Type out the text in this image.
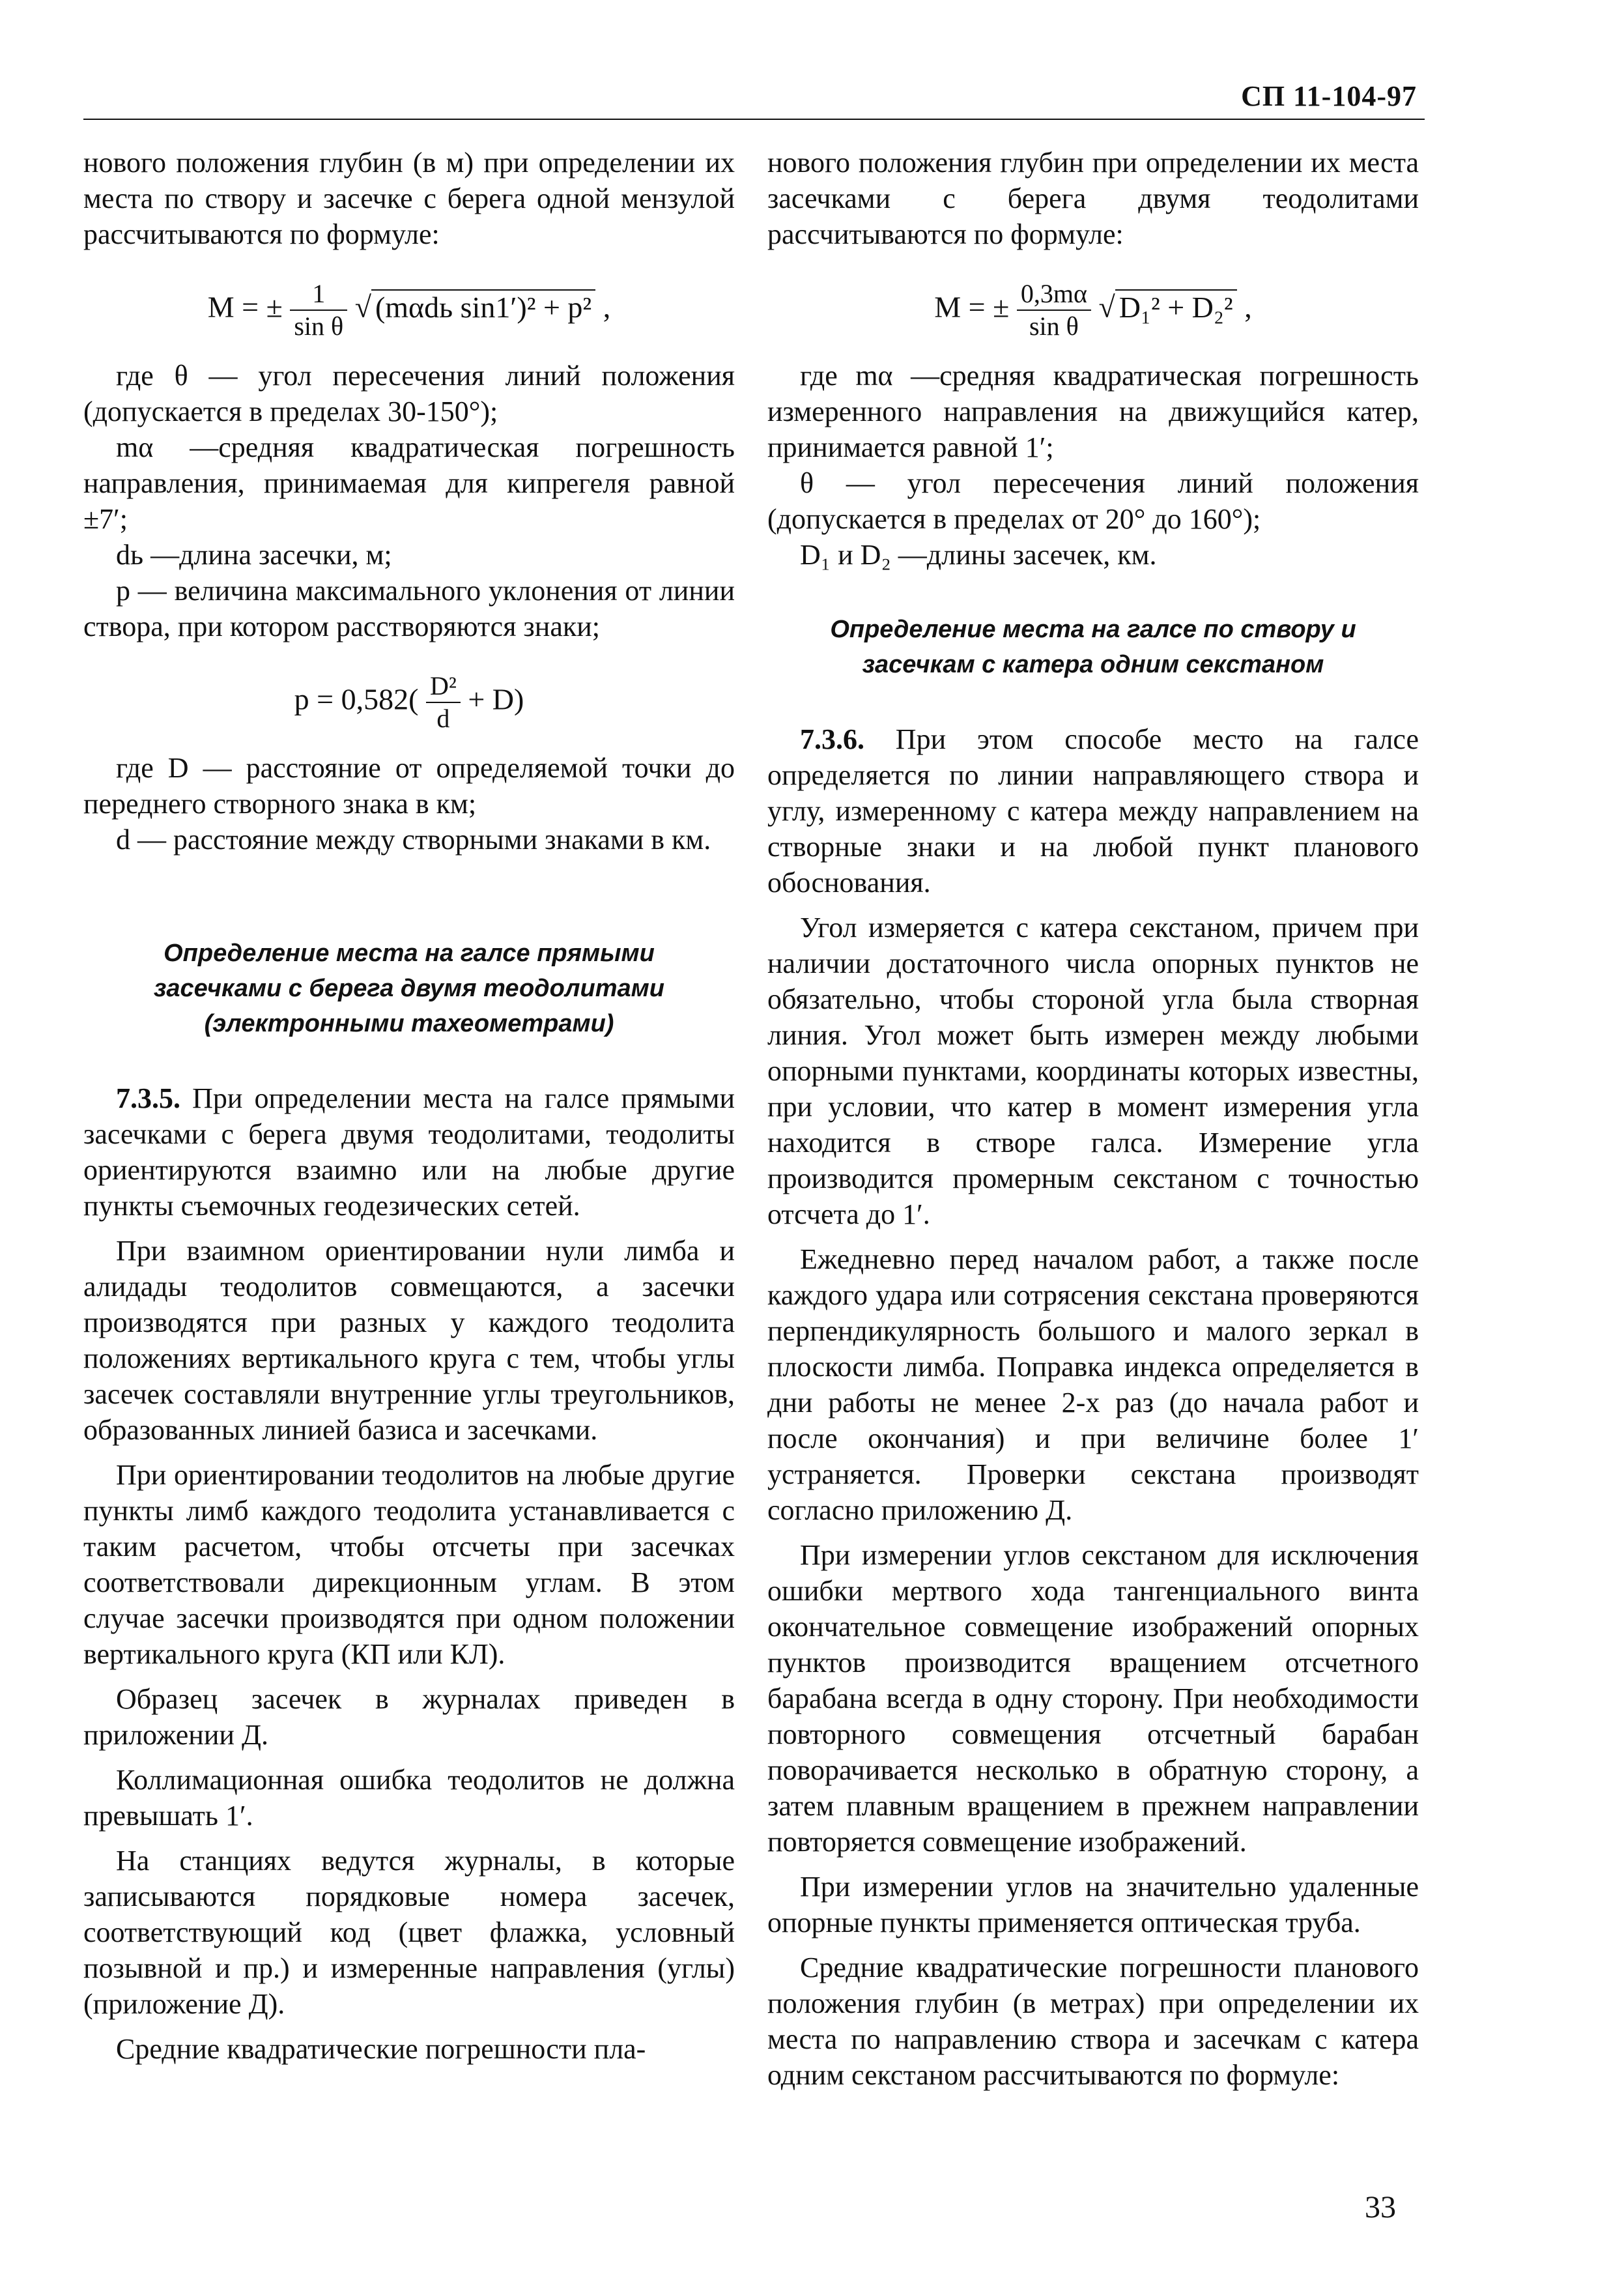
СП 11-104-97

нового положения глубин (в м) при определении их места по створу и засечке с берега одной мензулой рассчитываются по формуле:

М = ± $\frac{1}{\text{sin θ}}$ √ (mαdь sin1′)² + p² ,

где θ — угол пересечения линий положения (допускается в пределах 30-150°);

mα —средняя квадратическая погрешность направления, принимаемая для кипрегеля равной ±7′;

dь —длина засечки, м;

p — величина максимального уклонения от линии створа, при котором расстворяются знаки;

$p = 0,582( \frac{\text{D²}}{d} + D)$

где D — расстояние от определяемой точки до переднего створного знака в км;

d — расстояние между створными знаками в км.

Определение места на галсе прямыми засечками с берега двумя теодолитами (электронными тахеометрами)

7.3.5. При определении места на галсе прямыми засечками с берега двумя теодолитами, теодолиты ориентируются взаимно или на любые другие пункты съемочных геодезических сетей.

При взаимном ориентировании нули лимба и алидады теодолитов совмещаются, а засечки производятся при разных у каждого теодолита положениях вертикального круга с тем, чтобы углы засечек составляли внутренние углы треугольников, образованных линией базиса и засечками.

При ориентировании теодолитов на любые другие пункты лимб каждого теодолита устанавливается с таким расчетом, чтобы отсчеты при засечках соответствовали дирекционным углам. В этом случае засечки производятся при одном положении вертикального круга (КП или КЛ).

Образец засечек в журналах приведен в приложении Д.

Коллимационная ошибка теодолитов не должна превышать 1′.

На станциях ведутся журналы, в которые записываются порядковые номера засечек, соответствующий код (цвет флажка, условный позывной и пр.) и измеренные направления (углы) (приложение Д).

Средние квадратические погрешности пла-

нового положения глубин при определении их места засечками с берега двумя теодолитами рассчитываются по формуле:

М = ± $\frac{0,3m\alpha}{\text{sin θ}}$ √ D₁² + D₂² ,

где mα —средняя квадратическая погрешность измеренного направления на движущийся катер, принимается равной 1′;

θ — угол пересечения линий положения (допускается в пределах от 20° до 160°);

D₁ и D₂ —длины засечек, км.

Определение места на галсе по створу и засечкам с катера одним секстаном

7.3.6. При этом способе место на галсе определяется по линии направляющего створа и углу, измеренному с катера между направлением на створные знаки и на любой пункт планового обоснования.

Угол измеряется с катера секстаном, причем при наличии достаточного числа опорных пунктов не обязательно, чтобы стороной угла была створная линия. Угол может быть измерен между любыми опорными пунктами, координаты которых известны, при условии, что катер в момент измерения угла находится в створе галса. Измерение угла производится промерным секстаном с точностью отсчета до 1′.

Ежедневно перед началом работ, а также после каждого удара или сотрясения секстана проверяются перпендикулярность большого и малого зеркал в плоскости лимба. Поправка индекса определяется в дни работы не менее 2-х раз (до начала работ и после окончания) и при величине более 1′ устраняется. Проверки секстана производят согласно приложению Д.

При измерении углов секстаном для исключения ошибки мертвого хода тангенциального винта окончательное совмещение изображений опорных пунктов производится вращением отсчетного барабана всегда в одну сторону. При необходимости повторного совмещения отсчетный барабан поворачивается несколько в обратную сторону, а затем плавным вращением в прежнем направлении повторяется совмещение изображений.

При измерении углов на значительно удаленные опорные пункты применяется оптическая труба.

Средние квадратические погрешности планового положения глубин (в метрах) при определении их места по направлению створа и засечкам с катера одним секстаном рассчитываются по формуле:

33
